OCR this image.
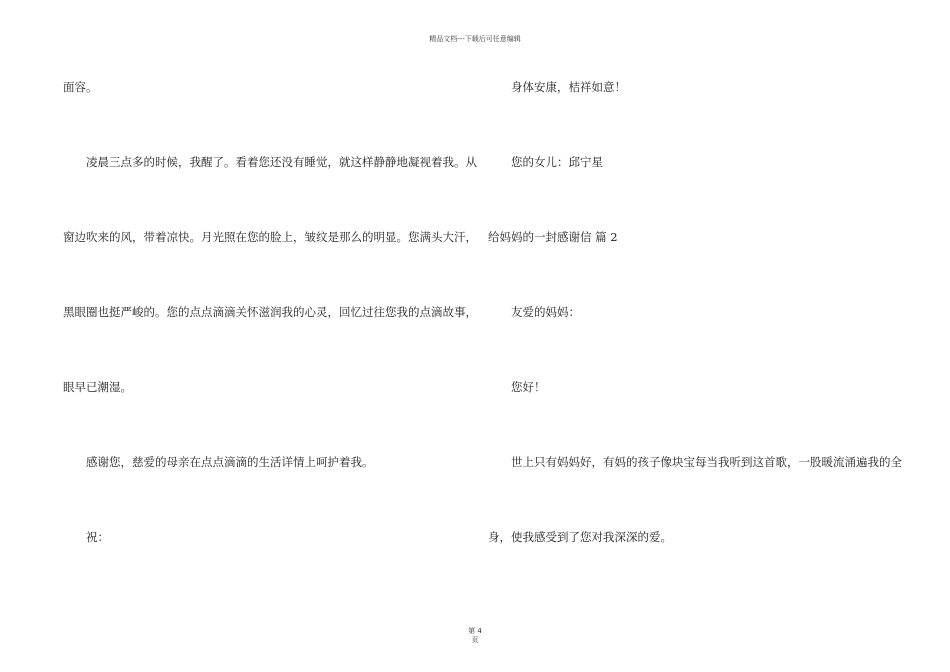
精品文档---下载后可任意编辑
面容。
凌晨三点多的时候，我醒了。看着您还没有睡觉，就这样静静地凝视着我。从
窗边吹来的风，带着凉快。月光照在您的脸上，皱纹是那么的明显。您满头大汗，
黑眼圈也挺严峻的。您的点点滴滴关怀滋润我的心灵，回忆过往您我的点滴故事，
眼早已潮湿。
感谢您，慈爱的母亲在点点滴滴的生活详情上呵护着我。
祝：
身体安康，桔祥如意！
您的女儿：邱宁星
给妈妈的一封感谢信 篇 2
友爱的妈妈：
您好！
世上只有妈妈好，有妈的孩子像块宝每当我听到这首歌，一股暖流涌遍我的全
身，使我感受到了您对我深深的爱。
第 4
页
